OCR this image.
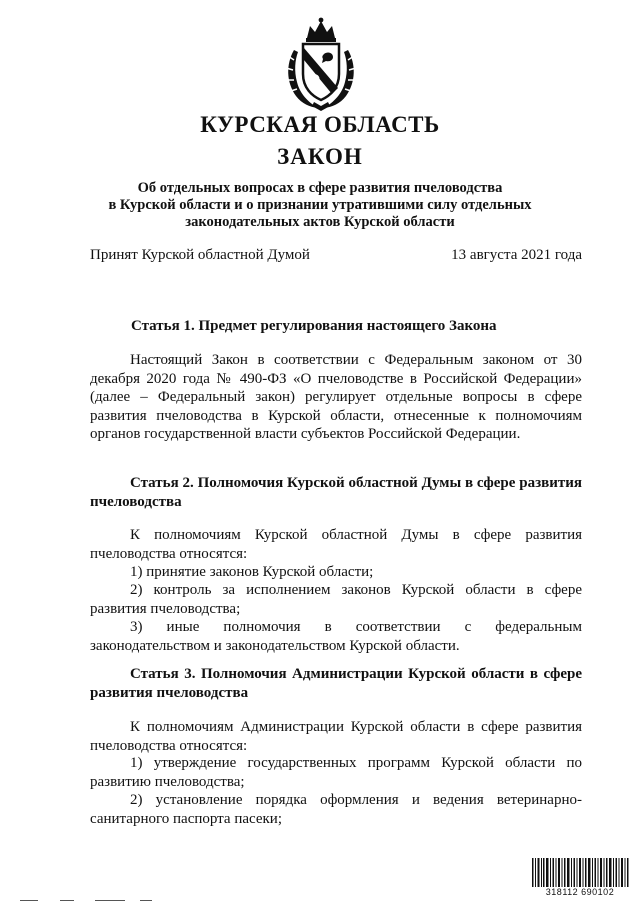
КУРСКАЯ ОБЛАСТЬ
ЗАКОН
Об отдельных вопросах в сфере развития пчеловодства
в Курской области и о признании утратившими силу отдельных
законодательных актов Курской области
Принят Курской областной Думой	13 августа 2021 года
Статья 1. Предмет регулирования настоящего Закона
Настоящий Закон в соответствии с Федеральным законом от 30 декабря 2020 года № 490-ФЗ «О пчеловодстве в Российской Федерации» (далее – Федеральный закон) регулирует отдельные вопросы в сфере развития пчеловодства в Курской области, отнесенные к полномочиям органов государственной власти субъектов Российской Федерации.
Статья 2. Полномочия Курской областной Думы в сфере развития пчеловодства
К полномочиям Курской областной Думы в сфере развития пчеловодства относятся:
1) принятие законов Курской области;
2) контроль за исполнением законов Курской области в сфере развития пчеловодства;
3) иные полномочия в соответствии с федеральным законодательством и законодательством Курской области.
Статья 3. Полномочия Администрации Курской области в сфере развития пчеловодства
К полномочиям Администрации Курской области в сфере развития пчеловодства относятся:
1) утверждение государственных программ Курской области по развитию пчеловодства;
2) установление порядка оформления и ведения ветеринарно-санитарного паспорта пасеки;
318112 690102
